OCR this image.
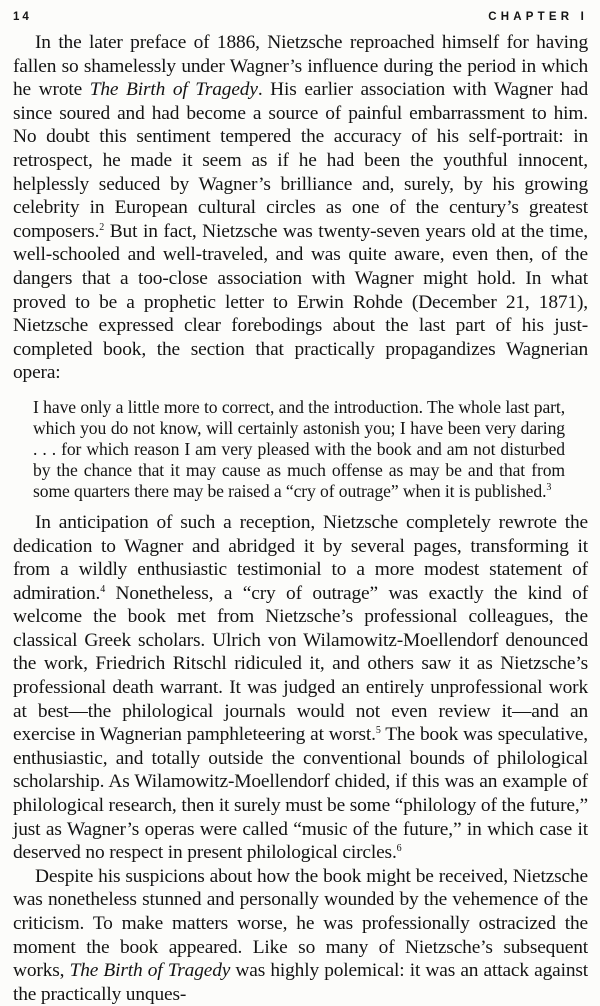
14	CHAPTER I

In the later preface of 1886, Nietzsche reproached himself for having fallen so shamelessly under Wagner’s influence during the period in which he wrote The Birth of Tragedy. His earlier association with Wagner had since soured and had become a source of painful embarrassment to him. No doubt this sentiment tempered the accuracy of his self-portrait: in retrospect, he made it seem as if he had been the youthful innocent, helplessly seduced by Wagner’s brilliance and, surely, by his growing celebrity in European cultural circles as one of the century’s greatest composers.$^2$ But in fact, Nietzsche was twenty-seven years old at the time, well-schooled and well-traveled, and was quite aware, even then, of the dangers that a too-close association with Wagner might hold. In what proved to be a prophetic letter to Erwin Rohde (December 21, 1871), Nietzsche expressed clear forebodings about the last part of his just-completed book, the section that practically propagandizes Wagnerian opera:

I have only a little more to correct, and the introduction. The whole last part, which you do not know, will certainly astonish you; I have been very daring . . . for which reason I am very pleased with the book and am not disturbed by the chance that it may cause as much offense as may be and that from some quarters there may be raised a “cry of outrage” when it is published.$^3$

In anticipation of such a reception, Nietzsche completely rewrote the dedication to Wagner and abridged it by several pages, transforming it from a wildly enthusiastic testimonial to a more modest statement of admiration.$^4$ Nonetheless, a “cry of outrage” was exactly the kind of welcome the book met from Nietzsche’s professional colleagues, the classical Greek scholars. Ulrich von Wilamowitz-Moellendorf denounced the work, Friedrich Ritschl ridiculed it, and others saw it as Nietzsche’s professional death warrant. It was judged an entirely unprofessional work at best—the philological journals would not even review it—and an exercise in Wagnerian pamphleteering at worst.$^5$ The book was speculative, enthusiastic, and totally outside the conventional bounds of philological scholarship. As Wilamowitz-Moellendorf chided, if this was an example of philological research, then it surely must be some “philology of the future,” just as Wagner’s operas were called “music of the future,” in which case it deserved no respect in present philological circles.$^6$

Despite his suspicions about how the book might be received, Nietzsche was nonetheless stunned and personally wounded by the vehemence of the criticism. To make matters worse, he was professionally ostracized the moment the book appeared. Like so many of Nietzsche’s subsequent works, The Birth of Tragedy was highly polemical: it was an attack against the practically unques-
